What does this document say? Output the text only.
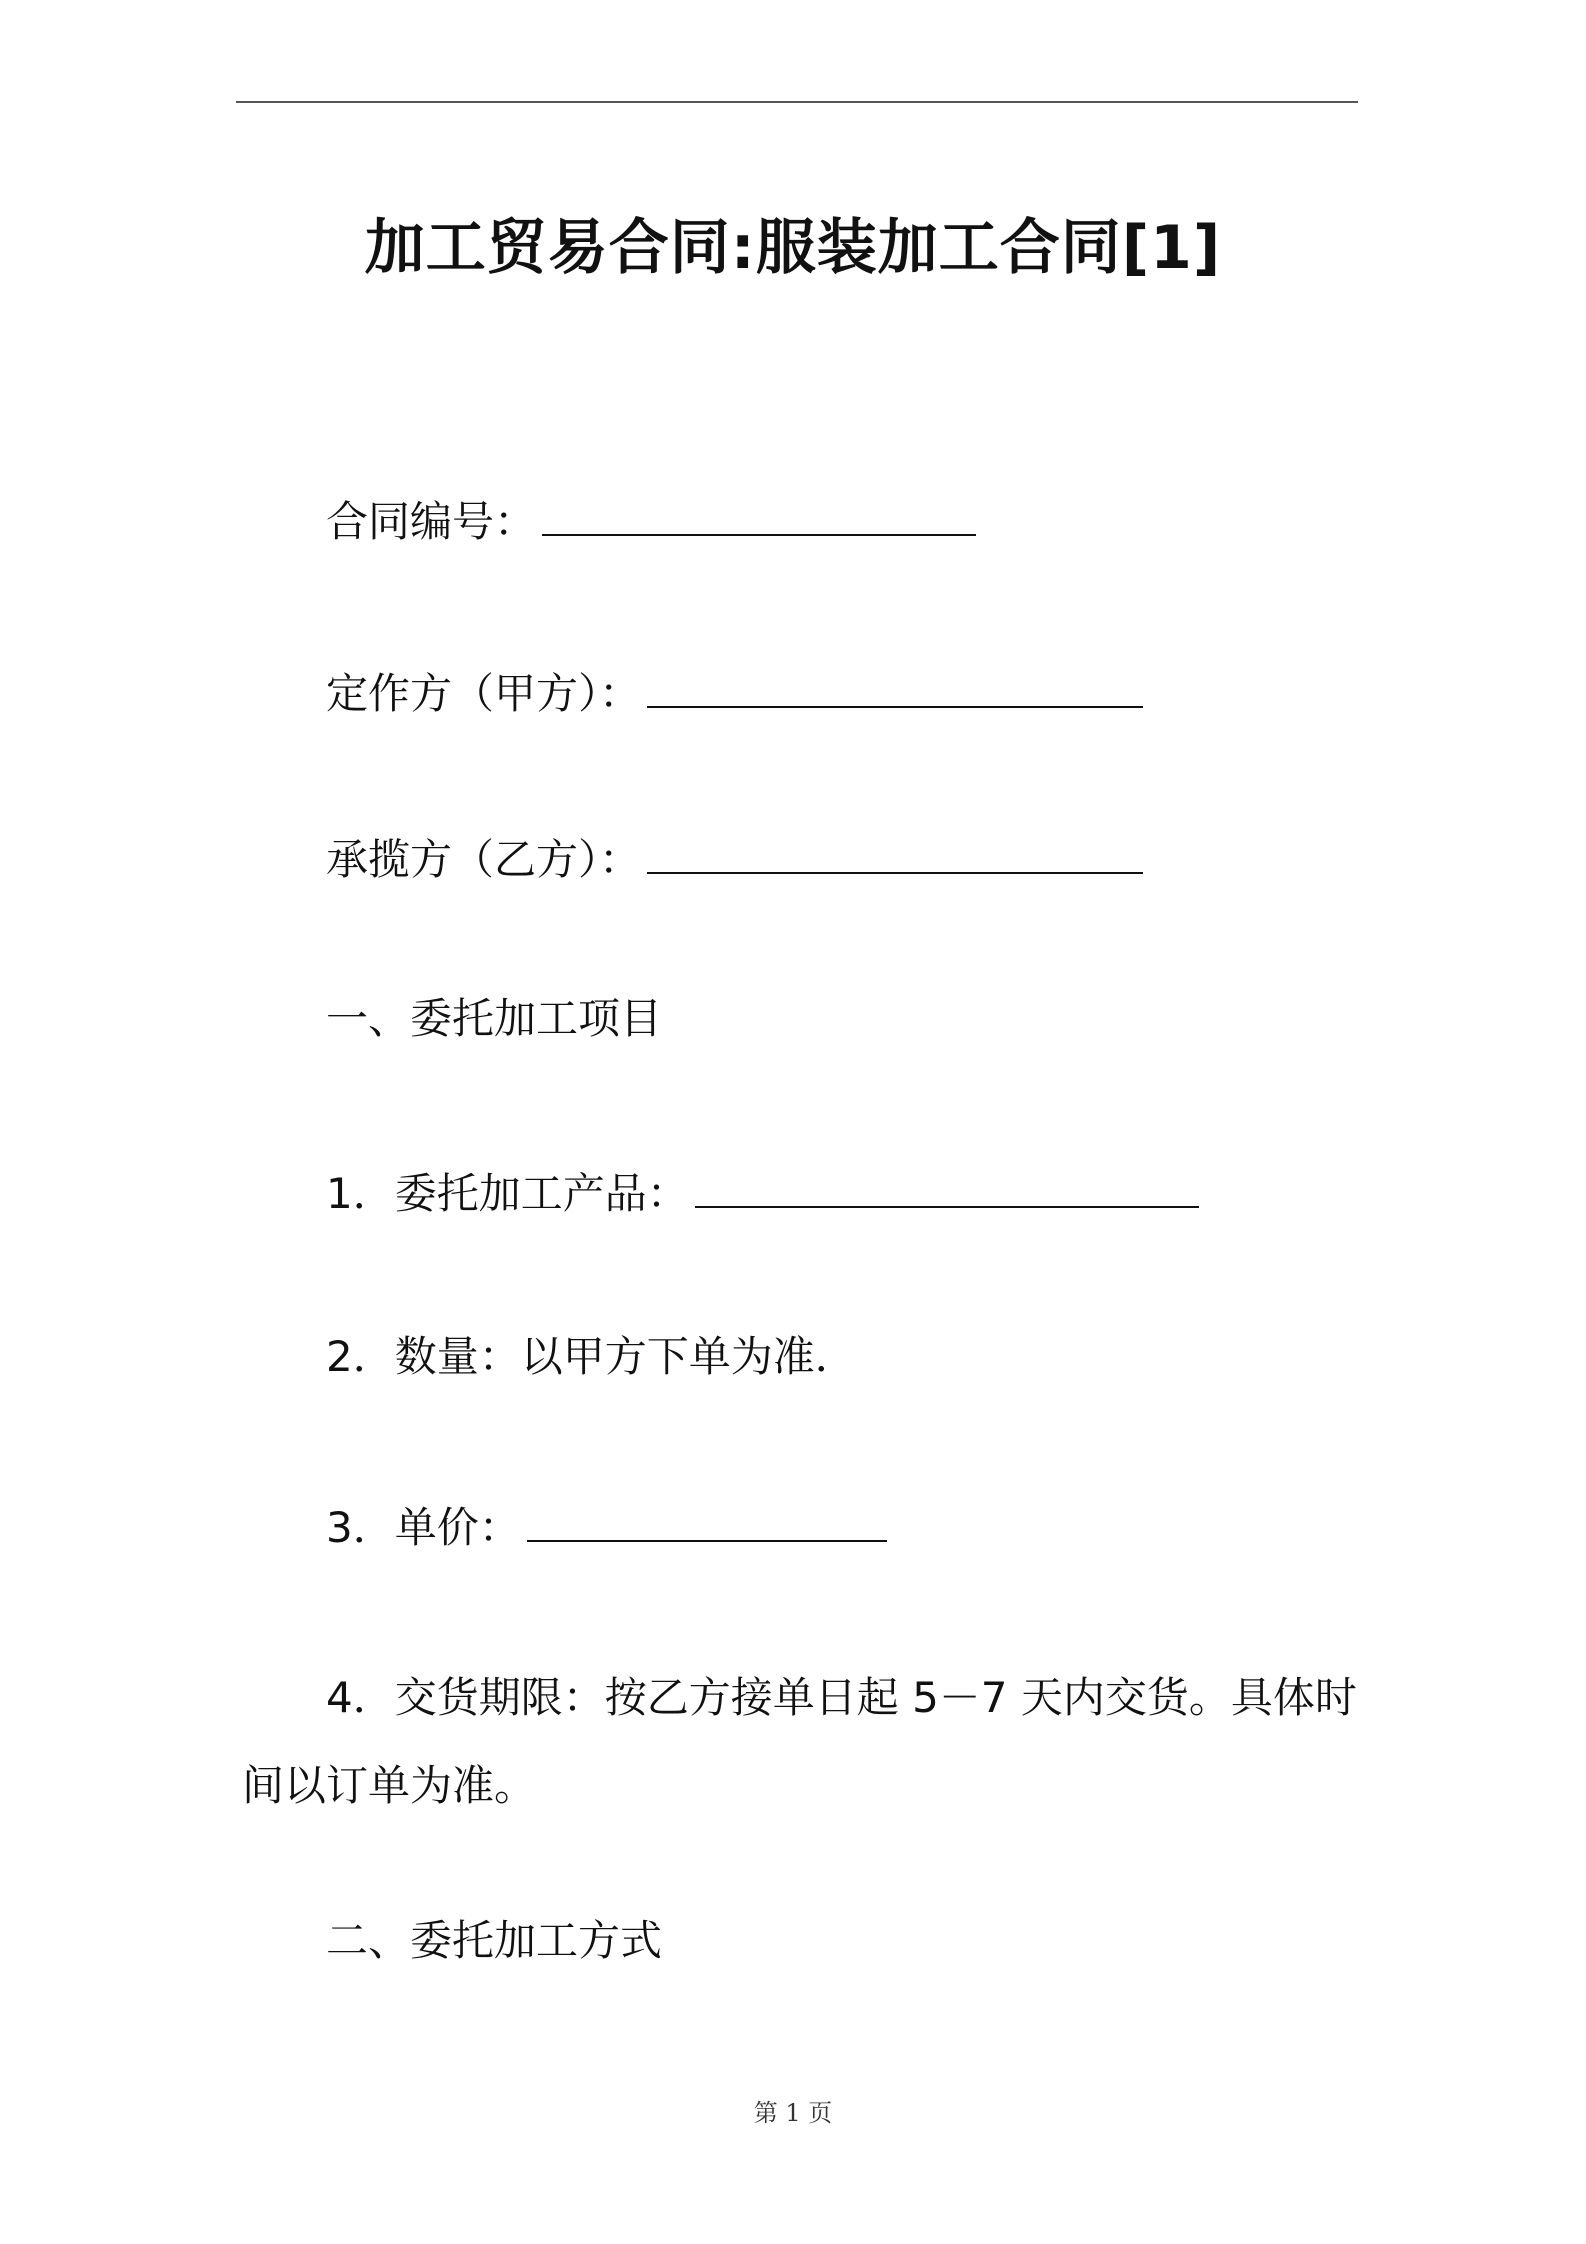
加工贸易合同:服装加工合同[1]
合同编号：
定作方（甲方）：
承揽方（乙方）：
一、委托加工项目
1．委托加工产品：
2．数量：以甲方下单为准．
3．单价：
4．交货期限：按乙方接单日起 5－7 天内交货。具体时间以订单为准。
二、委托加工方式
第 1 页
